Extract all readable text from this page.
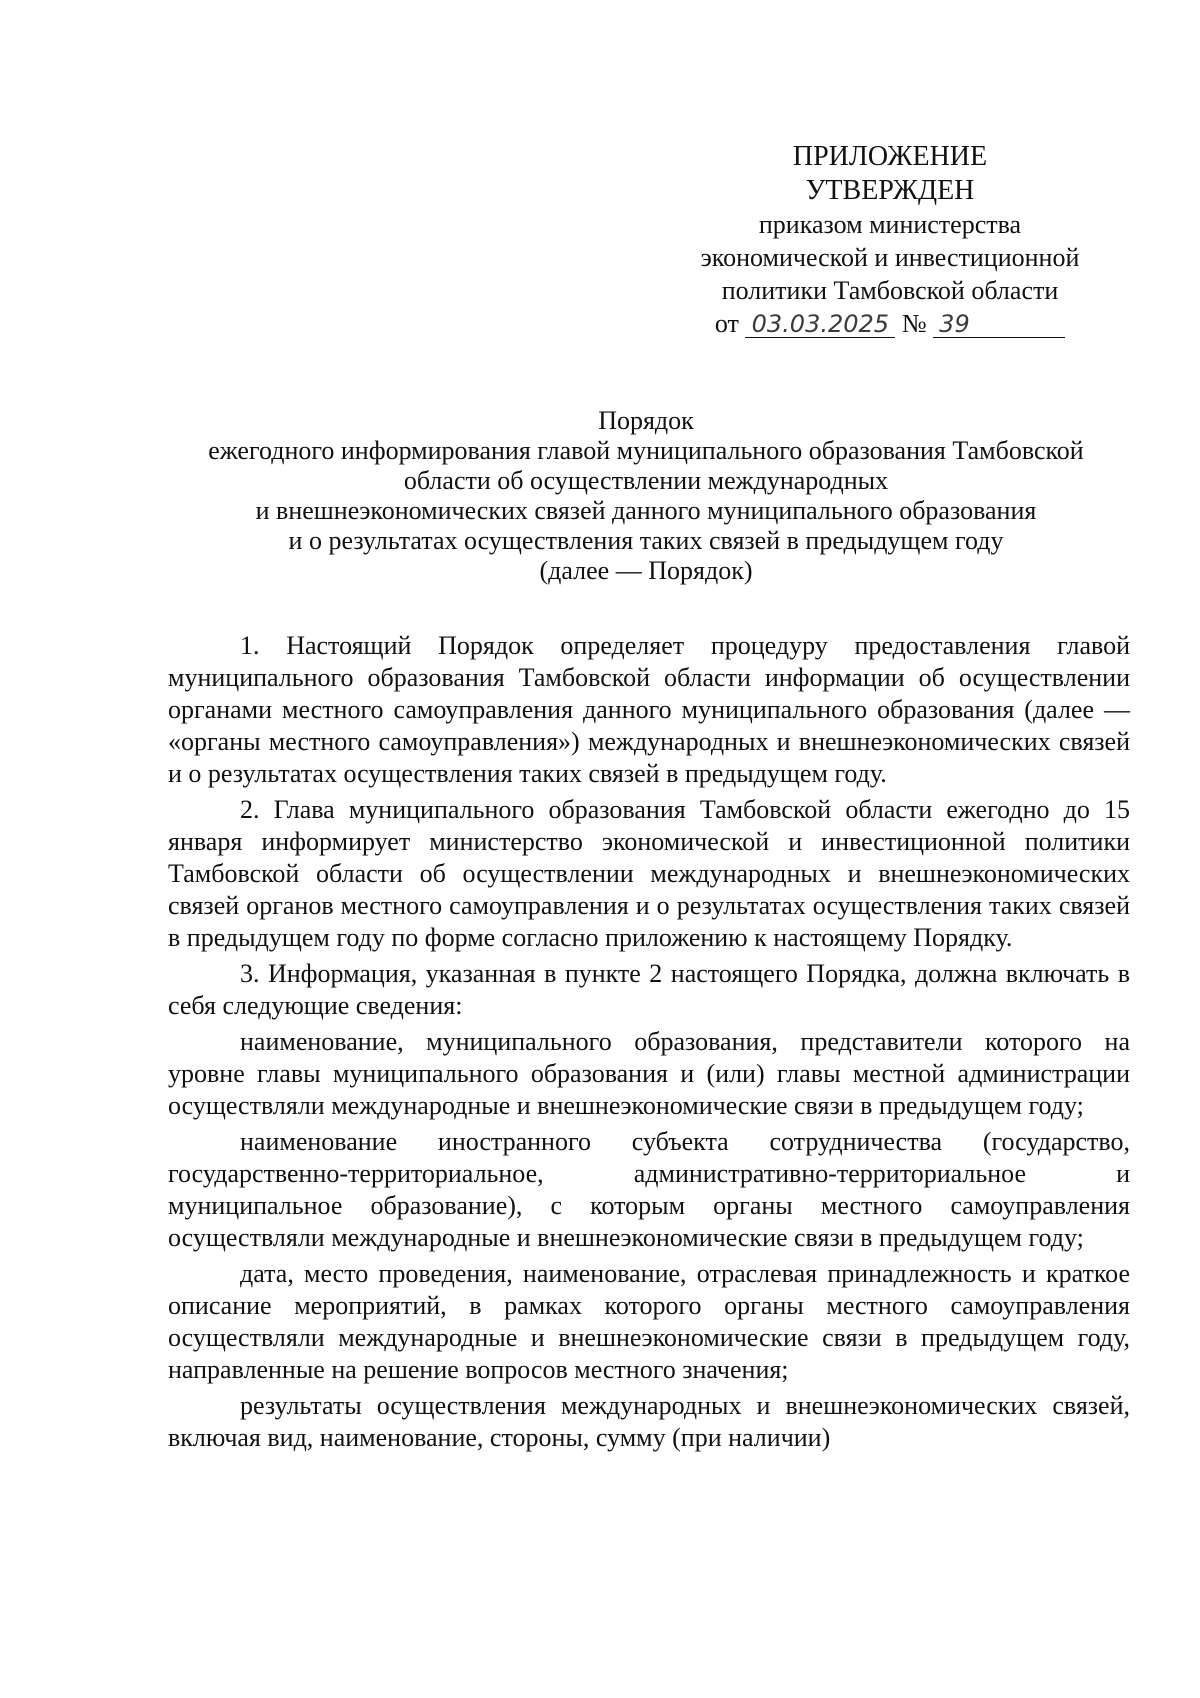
ПРИЛОЖЕНИЕ
УТВЕРЖДЕН
приказом министерства
экономической и инвестиционной
политики Тамбовской области
от 03.03.2025 № 39
Порядок
ежегодного информирования главой муниципального образования Тамбовской
области об осуществлении международных
и внешнеэкономических связей данного муниципального образования
и о результатах осуществления таких связей в предыдущем году
(далее — Порядок)

1. Настоящий Порядок определяет процедуру предоставления главой муниципального образования Тамбовской области информации об осуществлении органами местного самоуправления данного муниципального образования (далее — «органы местного самоуправления») международных и внешнеэкономических связей и о результатах осуществления таких связей в предыдущем году.

2. Глава муниципального образования Тамбовской области ежегодно до 15 января информирует министерство экономической и инвестиционной политики Тамбовской области об осуществлении международных и внешнеэкономических связей органов местного самоуправления и о результатах осуществления таких связей в предыдущем году по форме согласно приложению к настоящему Порядку.

3. Информация, указанная в пункте 2 настоящего Порядка, должна включать в себя следующие сведения:

наименование, муниципального образования, представители которого на уровне главы муниципального образования и (или) главы местной администрации осуществляли международные и внешнеэкономические связи в предыдущем году;

наименование иностранного субъекта сотрудничества (государство, государственно-территориальное, административно-территориальное и муниципальное образование), с которым органы местного самоуправления осуществляли международные и внешнеэкономические связи в предыдущем году;

дата, место проведения, наименование, отраслевая принадлежность и краткое описание мероприятий, в рамках которого органы местного самоуправления осуществляли международные и внешнеэкономические связи в предыдущем году, направленные на решение вопросов местного значения;

результаты осуществления международных и внешнеэкономических связей, включая вид, наименование, стороны, сумму (при наличии)
